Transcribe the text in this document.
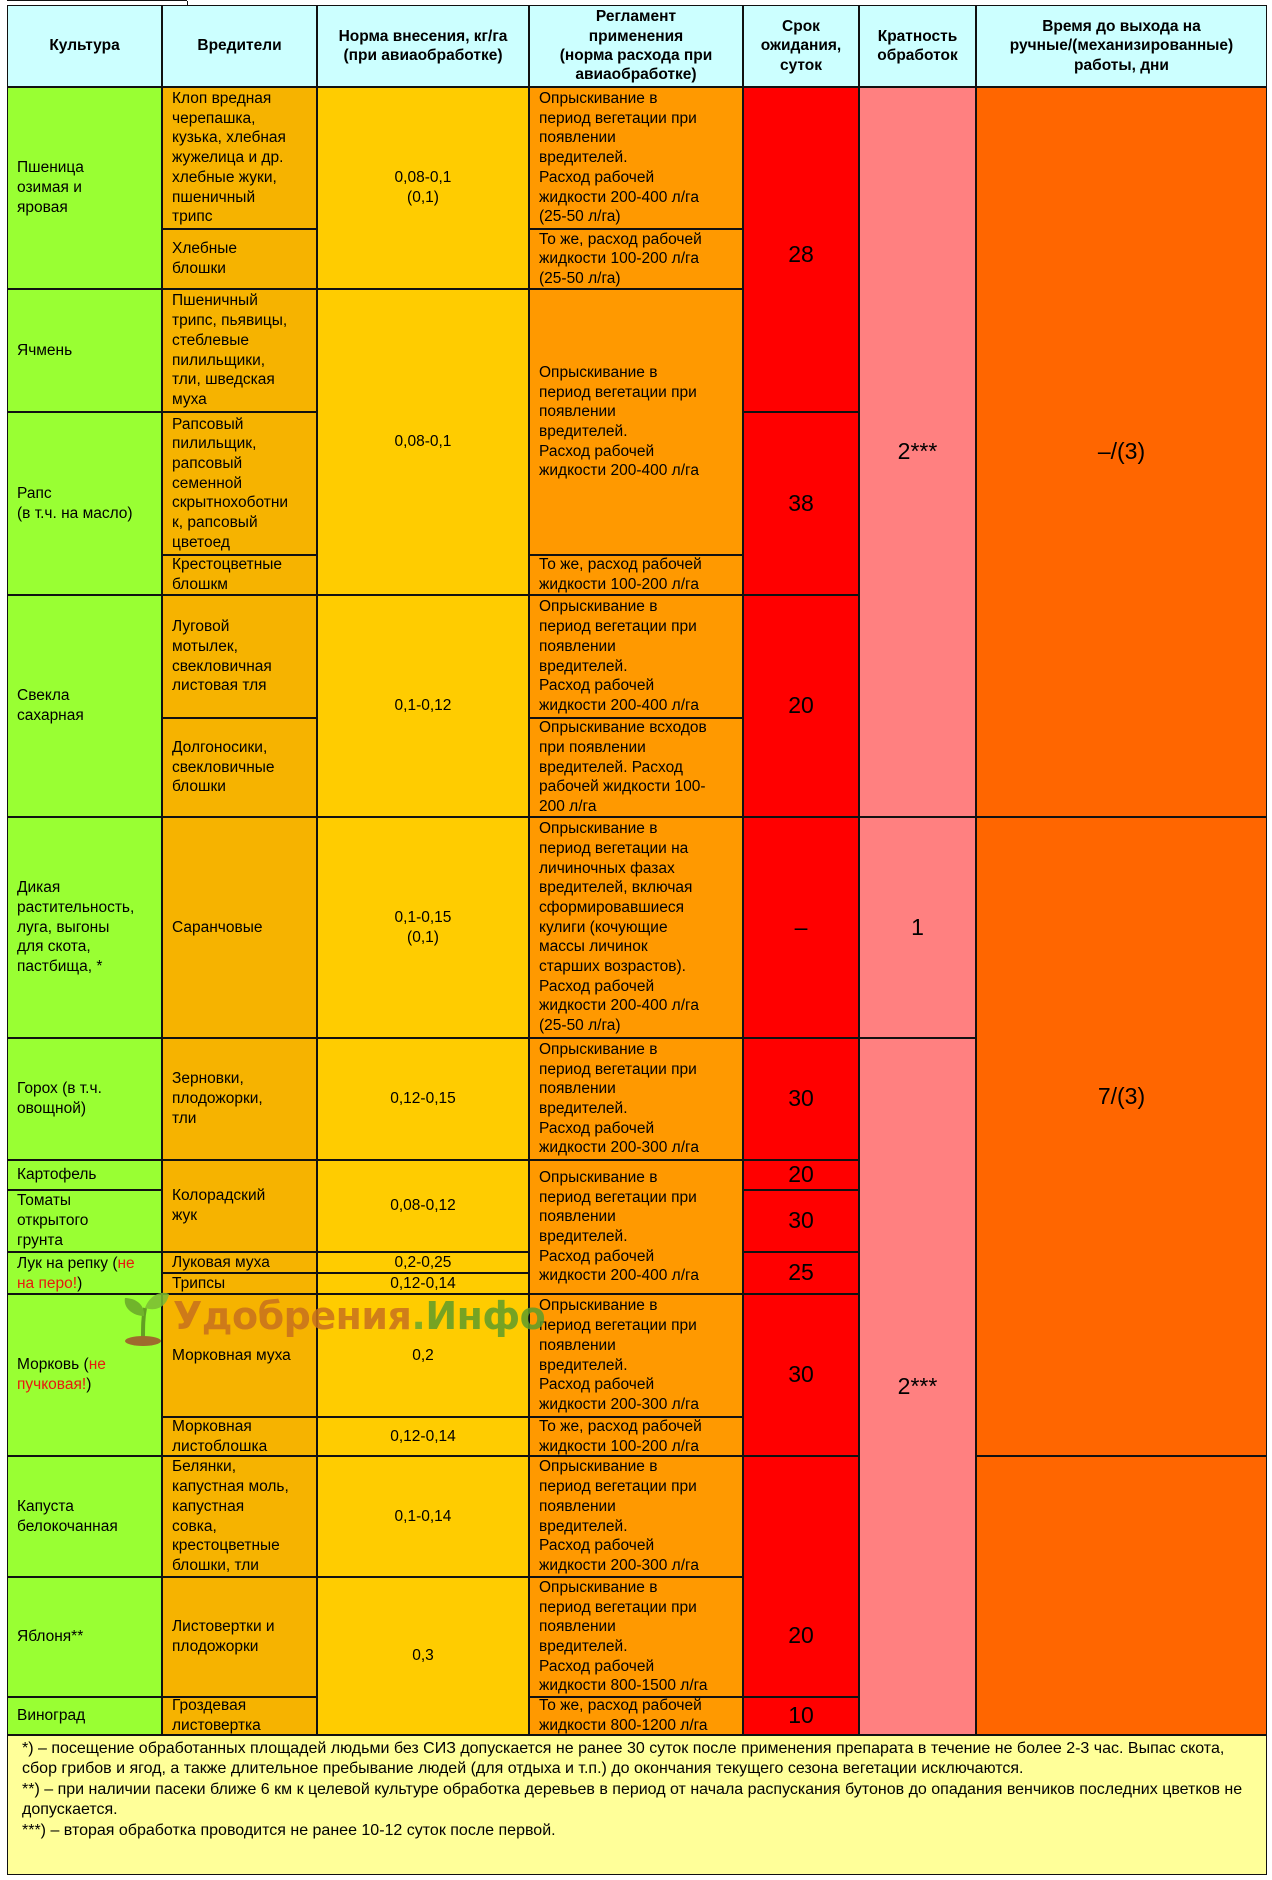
Культура	Вредители
Норма внесения, кг/га
(при авиаобработке)
Регламент
применения
(норма расхода при
авиаобработке)
Срок
ожидания,
суток
Кратность
обработок
Время до выхода на
ручные/(механизированные)
работы, дни
Пшеница
озимая и
яровая
Ячмень
Рапс
(в т.ч. на масло)
Свекла
сахарная
Дикая
растительность,
луга, выгоны
для скота,
пастбища, *
Горох (в т.ч.
овощной)
Картофель
Томаты
открытого
грунта
Лук на репку (не
на перо!)
Морковь (не
пучковая!)
Капуста
белокочанная
Яблоня**
Виноград
Клоп вредная
черепашка,
кузька, хлебная
жужелица и др.
хлебные жуки,
пшеничный
трипс
Хлебные
блошки
Пшеничный
трипс, пьявицы,
стеблевые
пилильщики,
тли, шведская
муха
Рапсовый
пилильщик,
рапсовый
семенной
скрытнохоботни
к, рапсовый
цветоед
Крестоцветные
блошкм
Луговой
мотылек,
свекловичная
листовая тля
Долгоносики,
свекловичные
блошки
Саранчовые
Зерновки,
плодожорки,
тли
Колорадский
жук
Луковая муха
Трипсы
Морковная муха
Морковная
листоблошка
Белянки,
капустная моль,
капустная
совка,
крестоцветные
блошки, тли
Листовертки и
плодожорки
Гроздевая
листовертка
0,08-0,1
(0,1)
0,08-0,1
0,1-0,12
0,1-0,15
(0,1)
0,12-0,15
0,08-0,12
0,2-0,25
0,12-0,14
0,2
0,12-0,14
0,1-0,14
0,3
Опрыскивание в
период вегетации при
появлении
вредителей.
Расход рабочей
жидкости 200-400 л/га
(25-50 л/га)
То же, расход рабочей
жидкости 100-200 л/га
(25-50 л/га)
Опрыскивание в
период вегетации при
появлении
вредителей.
Расход рабочей
жидкости 200-400 л/га
То же, расход рабочей
жидкости 100-200 л/га
Опрыскивание в
период вегетации при
появлении
вредителей.
Расход рабочей
жидкости 200-400 л/га
Опрыскивание всходов
при появлении
вредителей. Расход
рабочей жидкости 100-
200 л/га
Опрыскивание в
период вегетации на
личиночных фазах
вредителей, включая
сформировавшиеся
кулиги (кочующие
массы личинок
старших возрастов).
Расход рабочей
жидкости 200-400 л/га
(25-50 л/га)
Опрыскивание в
период вегетации при
появлении
вредителей.
Расход рабочей
жидкости 200-300 л/га
Опрыскивание в
период вегетации при
появлении
вредителей.
Расход рабочей
жидкости 200-400 л/га
Опрыскивание в
период вегетации при
появлении
вредителей.
Расход рабочей
жидкости 200-300 л/га
То же, расход рабочей
жидкости 100-200 л/га
Опрыскивание в
период вегетации при
появлении
вредителей.
Расход рабочей
жидкости 200-300 л/га
Опрыскивание в
период вегетации при
появлении
вредителей.
Расход рабочей
жидкости 800-1500 л/га
То же, расход рабочей
жидкости 800-1200 л/га
28
38
20
–
30
20
30
25
30
20
10
2***
1
2***
–/(3)
7/(3)

*) – посещение обработанных площадей людьми без СИЗ допускается не ранее 30 суток после применения препарата в течение не более 2-3 час. Выпас скота, сбор грибов и ягод, а также длительное пребывание людей (для отдыха и т.п.) до окончания текущего сезона вегетации исключаются.

**) – при наличии пасеки ближе 6 км к целевой культуре обработка деревьев в период от начала распускания бутонов до опадания венчиков последних цветков не допускается.

***) – вторая обработка проводится не ранее 10-12 суток после первой.

Удобрения.Инфо
